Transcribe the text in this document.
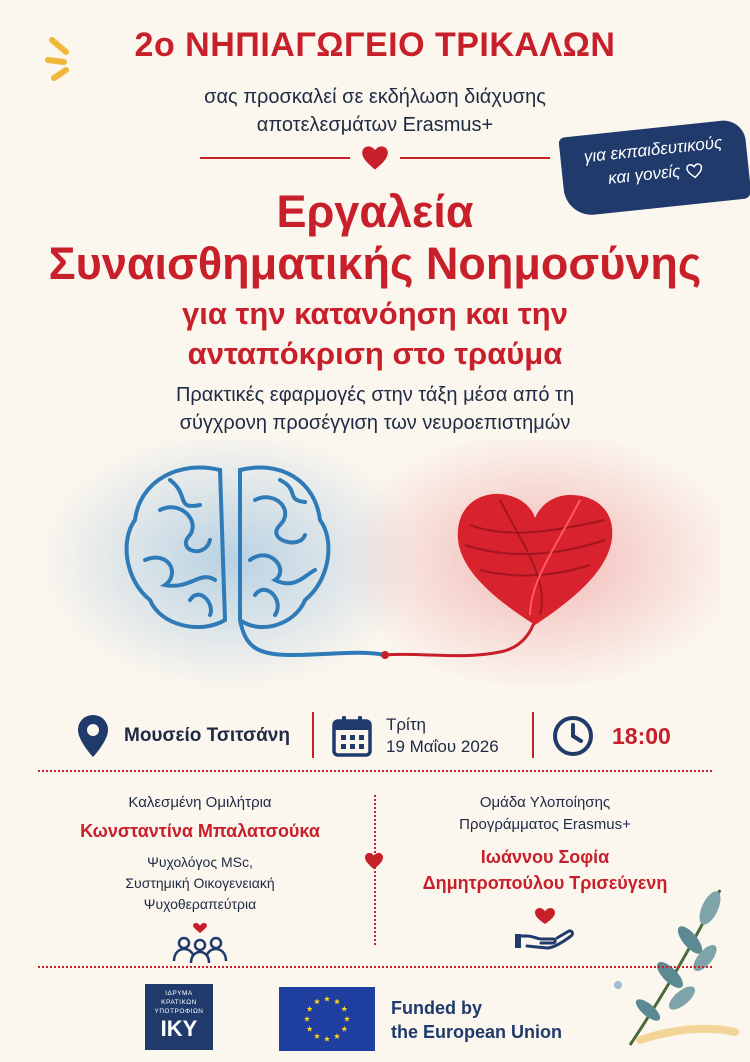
2ο ΝΗΠΙΑΓΩΓΕΙΟ ΤΡΙΚΑΛΩΝ
σας προσκαλεί σε εκδήλωση διάχυσης
αποτελεσμάτων Erasmus+
για εκπαιδευτικούς
και γονείς
Εργαλεία
Συναισθηματικής Νοημοσύνης
για την κατανόηση και την
ανταπόκριση στο τραύμα
Πρακτικές εφαρμογές στην τάξη μέσα από τη
σύγχρονη προσέγγιση των νευροεπιστημών
Μουσείο Τσιτσάνη
Τρίτη
19 Μαΐου 2026	18:00
Καλεσμένη Ομιλήτρια
Κωνσταντίνα Μπαλατσούκα
Ψυχολόγος MSc,
Συστημική Οικογενειακή
Ψυχοθεραπεύτρια
Ομάδα Υλοποίησης
Προγράμματος Erasmus+
Ιωάννου Σοφία
Δημητροπούλου Τρισεύγενη
ΙΔΡΥΜΑ
ΚΡΑΤΙΚΩΝ
ΥΠΟΤΡΟΦΙΩΝ
ΙΚΥ
Funded by
the European Union
